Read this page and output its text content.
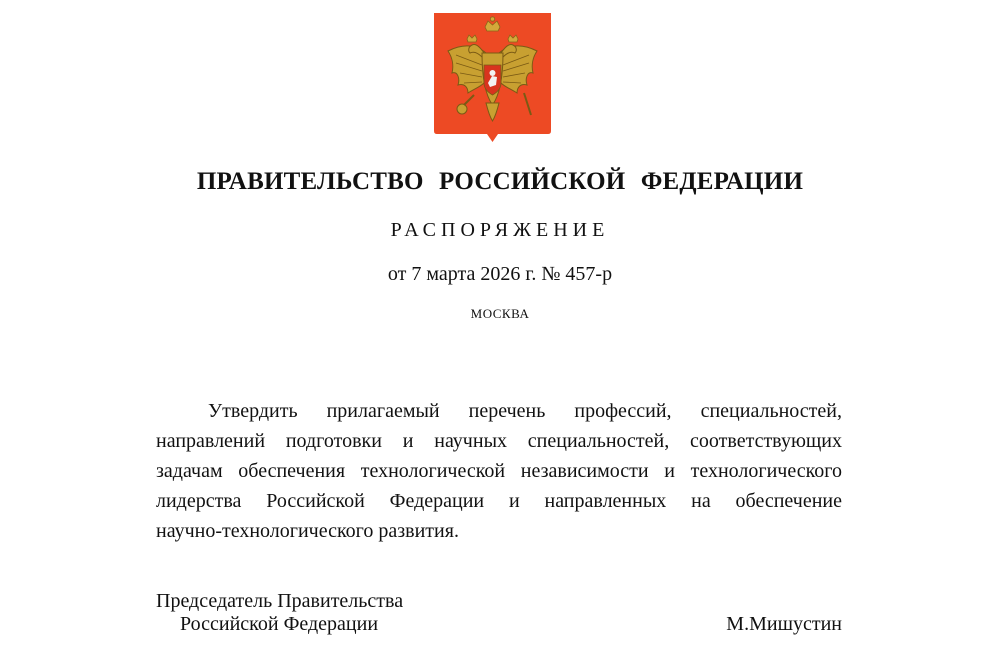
ПРАВИТЕЛЬСТВО РОССИЙСКОЙ ФЕДЕРАЦИИ
РАСПОРЯЖЕНИЕ
от 7 марта 2026 г. № 457-р
МОСКВА
Утвердить прилагаемый перечень профессий, специальностей,
направлений подготовки и научных специальностей, соответствующих
задачам обеспечения технологической независимости и технологического
лидерства Российской Федерации и направленных на обеспечение
научно-технологического развития.
Председатель Правительства
Российской Федерации	М.Мишустин
